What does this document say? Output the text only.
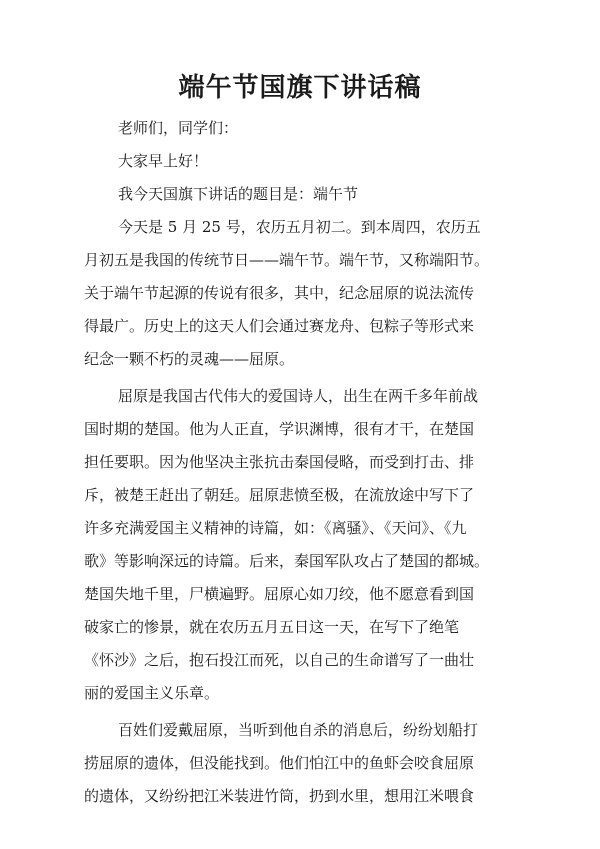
端午节国旗下讲话稿
老师们，同学们：
大家早上好！
我今天国旗下讲话的题目是：端午节
今天是 5 月 25 号，农历五月初二。到本周四，农历五
月初五是我国的传统节日——端午节。端午节，又称端阳节。
关于端午节起源的传说有很多，其中，纪念屈原的说法流传
得最广。历史上的这天人们会通过赛龙舟、包粽子等形式来
纪念一颗不朽的灵魂——屈原。
屈原是我国古代伟大的爱国诗人，出生在两千多年前战
国时期的楚国。他为人正直，学识渊博，很有才干，在楚国
担任要职。因为他坚决主张抗击秦国侵略，而受到打击、排
斥，被楚王赶出了朝廷。屈原悲愤至极，在流放途中写下了
许多充满爱国主义精神的诗篇，如：《离骚》、《天问》、《九
歌》等影响深远的诗篇。后来，秦国军队攻占了楚国的都城。
楚国失地千里，尸横遍野。屈原心如刀绞，他不愿意看到国
破家亡的惨景，就在农历五月五日这一天，在写下了绝笔
《怀沙》之后，抱石投江而死，以自己的生命谱写了一曲壮
丽的爱国主义乐章。
百姓们爱戴屈原，当听到他自杀的消息后，纷纷划船打
捞屈原的遗体，但没能找到。他们怕江中的鱼虾会咬食屈原
的遗体，又纷纷把江米装进竹筒，扔到水里，想用江米喂食
